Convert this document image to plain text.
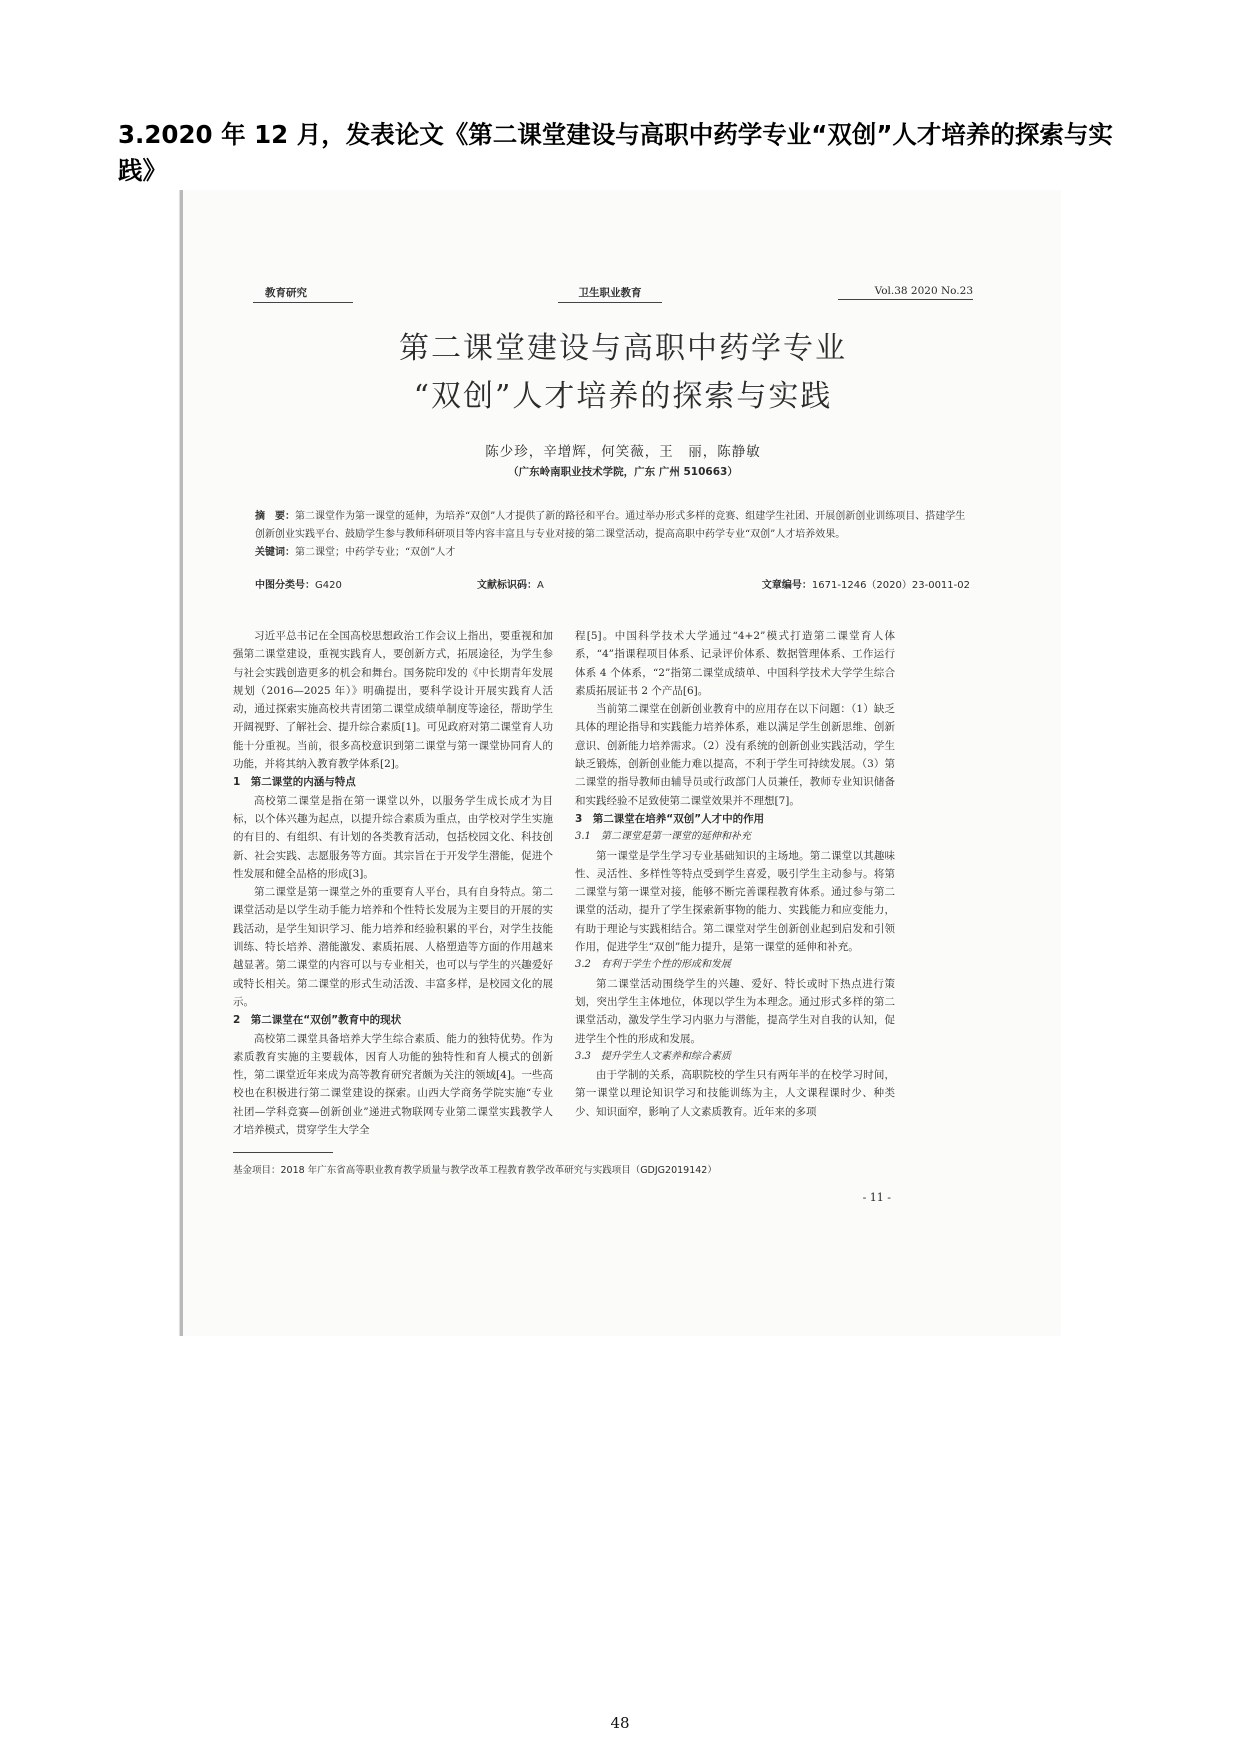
3.2020 年 12 月，发表论文《第二课堂建设与高职中药学专业“双创”人才培养的探索与实践》
教育研究	卫生职业教育	Vol.38 2020 No.23
第二课堂建设与高职中药学专业
“双创”人才培养的探索与实践
陈少珍，辛增辉，何笑薇，王　丽，陈静敏
（广东岭南职业技术学院，广东 广州 510663）
摘　要：第二课堂作为第一课堂的延伸，为培养“双创”人才提供了新的路径和平台。通过举办形式多样的竞赛、组建学生社团、开展创新创业训练项目、搭建学生创新创业实践平台、鼓励学生参与教师科研项目等内容丰富且与专业对接的第二课堂活动，提高高职中药学专业“双创”人才培养效果。
关键词：第二课堂；中药学专业；“双创”人才
中图分类号：G420	文献标识码：A	文章编号：1671-1246（2020）23-0011-02

习近平总书记在全国高校思想政治工作会议上指出，要重视和加强第二课堂建设，重视实践育人，要创新方式，拓展途径，为学生参与社会实践创造更多的机会和舞台。国务院印发的《中长期青年发展规划（2016—2025 年）》明确提出，要科学设计开展实践育人活动，通过探索实施高校共青团第二课堂成绩单制度等途径，帮助学生开阔视野、了解社会、提升综合素质[1]。可见政府对第二课堂育人功能十分重视。当前，很多高校意识到第二课堂与第一课堂协同育人的功能，并将其纳入教育教学体系[2]。

1　第二课堂的内涵与特点

高校第二课堂是指在第一课堂以外，以服务学生成长成才为目标，以个体兴趣为起点，以提升综合素质为重点，由学校对学生实施的有目的、有组织、有计划的各类教育活动，包括校园文化、科技创新、社会实践、志愿服务等方面。其宗旨在于开发学生潜能，促进个性发展和健全品格的形成[3]。

第二课堂是第一课堂之外的重要育人平台，具有自身特点。第二课堂活动是以学生动手能力培养和个性特长发展为主要目的开展的实践活动，是学生知识学习、能力培养和经验积累的平台，对学生技能训练、特长培养、潜能激发、素质拓展、人格塑造等方面的作用越来越显著。第二课堂的内容可以与专业相关，也可以与学生的兴趣爱好或特长相关。第二课堂的形式生动活泼、丰富多样，是校园文化的展示。

2　第二课堂在“双创”教育中的现状

高校第二课堂具备培养大学生综合素质、能力的独特优势。作为素质教育实施的主要载体，因育人功能的独特性和育人模式的创新性，第二课堂近年来成为高等教育研究者颇为关注的领域[4]。一些高校也在积极进行第二课堂建设的探索。山西大学商务学院实施“专业社团—学科竞赛—创新创业”递进式物联网专业第二课堂实践教学人才培养模式，贯穿学生大学全

程[5]。中国科学技术大学通过“4+2”模式打造第二课堂育人体系，“4”指课程项目体系、记录评价体系、数据管理体系、工作运行体系 4 个体系，“2”指第二课堂成绩单、中国科学技术大学学生综合素质拓展证书 2 个产品[6]。

当前第二课堂在创新创业教育中的应用存在以下问题：（1）缺乏具体的理论指导和实践能力培养体系，难以满足学生创新思维、创新意识、创新能力培养需求。（2）没有系统的创新创业实践活动，学生缺乏锻炼，创新创业能力难以提高，不利于学生可持续发展。（3）第二课堂的指导教师由辅导员或行政部门人员兼任，教师专业知识储备和实践经验不足致使第二课堂效果并不理想[7]。

3　第二课堂在培养“双创”人才中的作用
3.1　第二课堂是第一课堂的延伸和补充

第一课堂是学生学习专业基础知识的主场地。第二课堂以其趣味性、灵活性、多样性等特点受到学生喜爱，吸引学生主动参与。将第二课堂与第一课堂对接，能够不断完善课程教育体系。通过参与第二课堂的活动，提升了学生探索新事物的能力、实践能力和应变能力，有助于理论与实践相结合。第二课堂对学生创新创业起到启发和引领作用，促进学生“双创”能力提升，是第一课堂的延伸和补充。

3.2　有利于学生个性的形成和发展

第二课堂活动围绕学生的兴趣、爱好、特长或时下热点进行策划，突出学生主体地位，体现以学生为本理念。通过形式多样的第二课堂活动，激发学生学习内驱力与潜能，提高学生对自我的认知，促进学生个性的形成和发展。

3.3　提升学生人文素养和综合素质

由于学制的关系，高职院校的学生只有两年半的在校学习时间，第一课堂以理论知识学习和技能训练为主，人文课程课时少、种类少、知识面窄，影响了人文素质教育。近年来的多项

基金项目：2018 年广东省高等职业教育教学质量与教学改革工程教育教学改革研究与实践项目（GDJG2019142）
- 11 -
48
